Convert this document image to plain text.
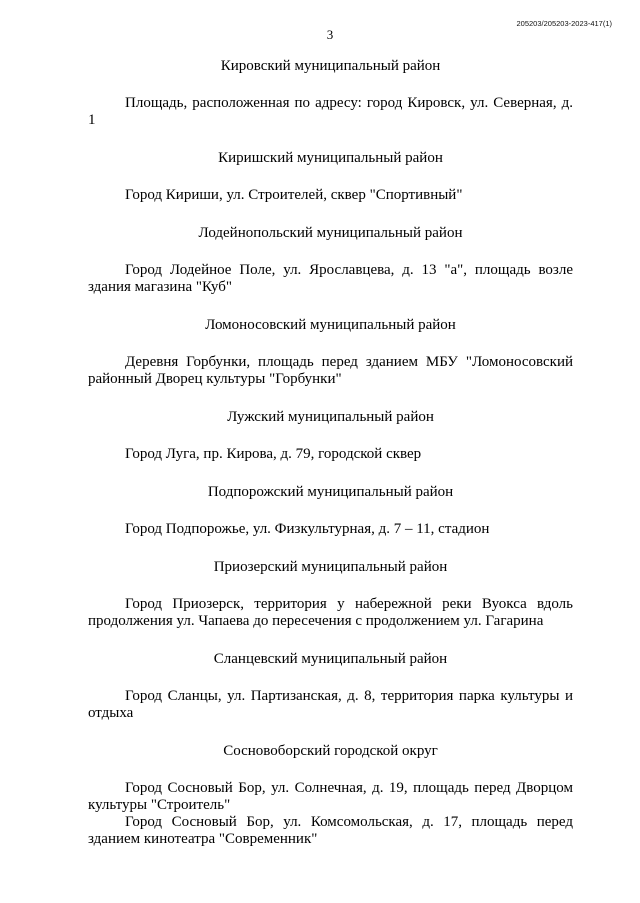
205203/205203-2023-417(1)
3
Кировский муниципальный район

Площадь, расположенная по адресу: город Кировск, ул. Северная, д. 1

Киришский муниципальный район

Город Кириши, ул. Строителей, сквер "Спортивный"

Лодейнопольский муниципальный район

Город Лодейное Поле, ул. Ярославцева, д. 13 "а", площадь возле здания магазина "Куб"

Ломоносовский муниципальный район

Деревня Горбунки, площадь перед зданием МБУ "Ломоносовский районный Дворец культуры "Горбунки"

Лужский муниципальный район

Город Луга, пр. Кирова, д. 79, городской сквер

Подпорожский муниципальный район

Город Подпорожье, ул. Физкультурная, д. 7 – 11, стадион

Приозерский муниципальный район

Город Приозерск, территория у набережной реки Вуокса вдоль продолжения ул. Чапаева до пересечения с продолжением ул. Гагарина

Сланцевский муниципальный район

Город Сланцы, ул. Партизанская, д. 8, территория парка культуры и отдыха

Сосновоборский городской округ

Город Сосновый Бор, ул. Солнечная, д. 19, площадь перед Дворцом культуры "Строитель"

Город Сосновый Бор, ул. Комсомольская, д. 17, площадь перед зданием кинотеатра "Современник"
